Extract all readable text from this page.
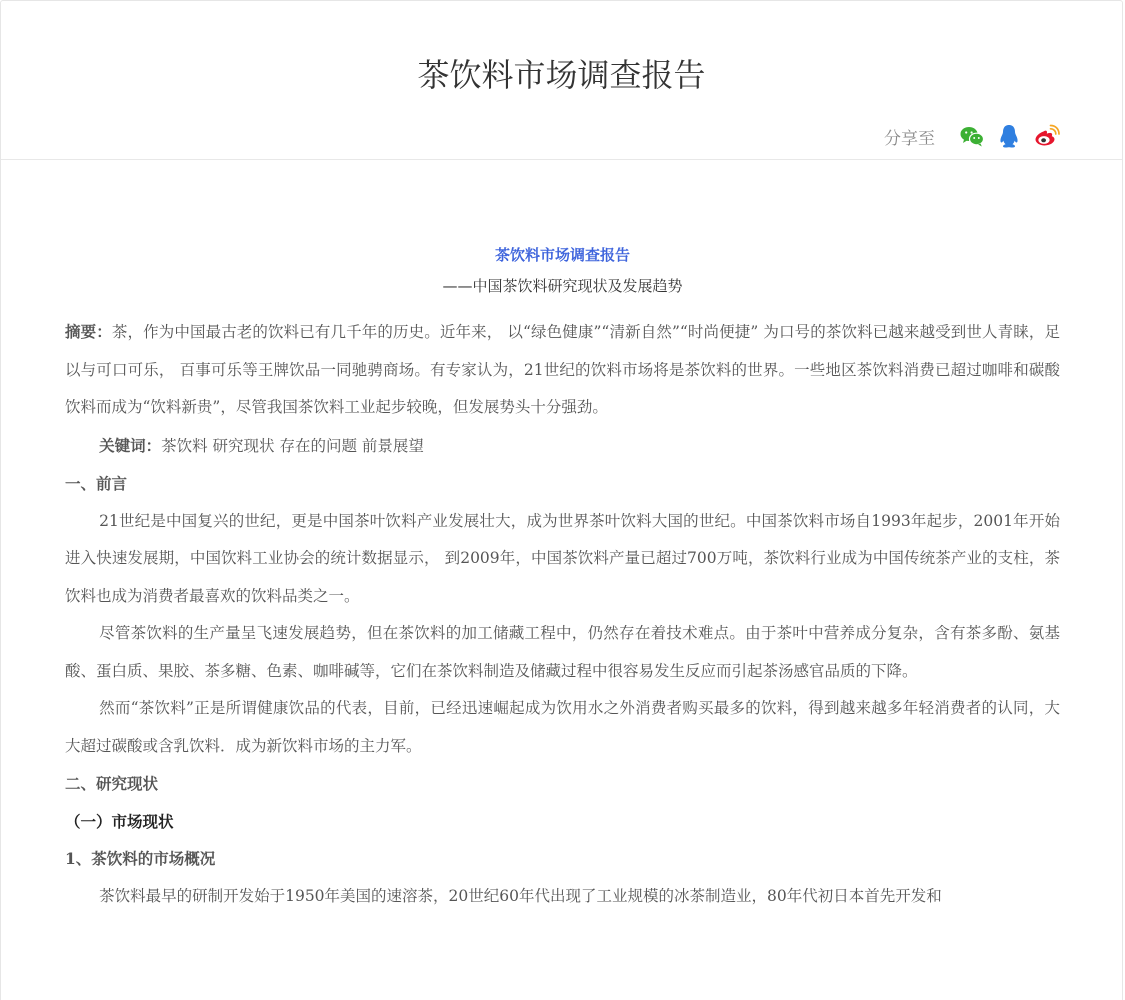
茶饮料市场调查报告
分享至

茶饮料市场调查报告

——中国茶饮料研究现状及发展趋势

摘要：茶，作为中国最古老的饮料已有几千年的历史。近年来， 以“绿色健康”“清新自然”“时尚便捷” 为口号的茶饮料已越来越受到世人青睐，足以与可口可乐， 百事可乐等王牌饮品一同驰骋商场。有专家认为，21世纪的饮料市场将是茶饮料的世界。一些地区茶饮料消费已超过咖啡和碳酸饮料而成为“饮料新贵”，尽管我国茶饮料工业起步较晚，但发展势头十分强劲。

关键词：茶饮料 研究现状 存在的问题 前景展望

一、前言

21世纪是中国复兴的世纪，更是中国茶叶饮料产业发展壮大，成为世界茶叶饮料大国的世纪。中国茶饮料市场自1993年起步，2001年开始进入快速发展期，中国饮料工业协会的统计数据显示， 到2009年，中国茶饮料产量已超过700万吨，茶饮料行业成为中国传统茶产业的支柱，茶饮料也成为消费者最喜欢的饮料品类之一。

尽管茶饮料的生产量呈飞速发展趋势，但在茶饮料的加工储藏工程中，仍然存在着技术难点。由于茶叶中营养成分复杂，含有茶多酚、氨基酸、蛋白质、果胶、茶多糖、色素、咖啡碱等，它们在茶饮料制造及储藏过程中很容易发生反应而引起茶汤感官品质的下降。

然而“茶饮料”正是所谓健康饮品的代表，目前，已经迅速崛起成为饮用水之外消费者购买最多的饮料，得到越来越多年轻消费者的认同，大大超过碳酸或含乳饮料．成为新饮料市场的主力军。

二、研究现状

（一）市场现状

1、茶饮料的市场概况

茶饮料最早的研制开发始于1950年美国的速溶茶，20世纪60年代出现了工业规模的冰茶制造业，80年代初日本首先开发和
